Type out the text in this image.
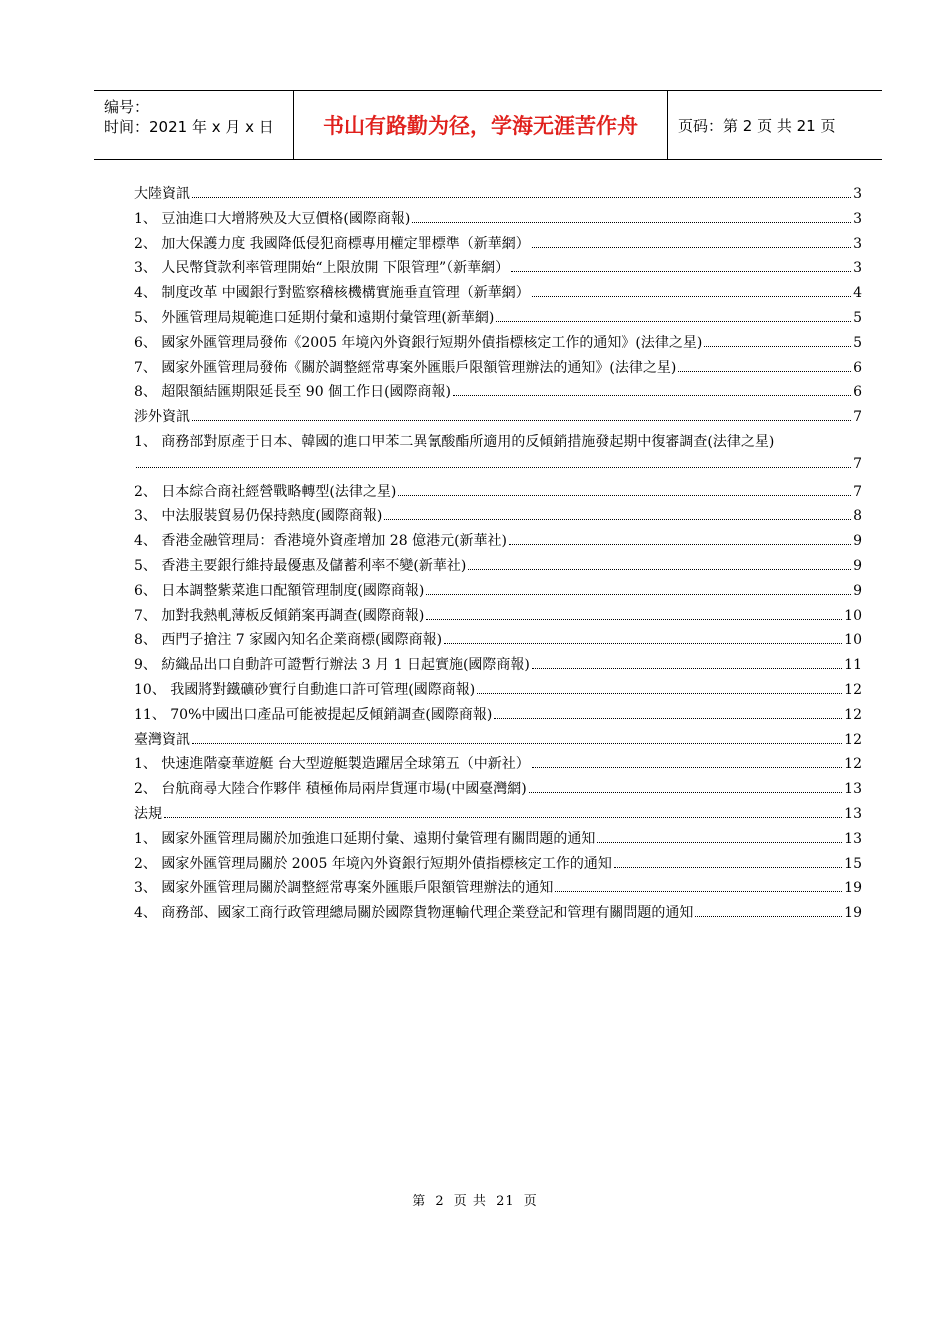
编号：
时间：2021 年 x 月 x 日	书山有路勤为径，学海无涯苦作舟	页码：第 2 页 共 21 页
大陸資訊	3
1、 豆油進口大增將殃及大豆價格(國際商報)	3
2、 加大保護力度 我國降低侵犯商標專用權定罪標準（新華網）	3
3、 人民幣貸款利率管理開始“上限放開 下限管理”（新華網）	3
4、 制度改革 中國銀行對監察稽核機構實施垂直管理（新華網）	4
5、 外匯管理局規範進口延期付彙和遠期付彙管理(新華網)	5
6、 國家外匯管理局發佈《2005 年境內外資銀行短期外債指標核定工作的通知》(法律之星)	5
7、 國家外匯管理局發佈《關於調整經常專案外匯賬戶限額管理辦法的通知》(法律之星)	6
8、 超限額結匯期限延長至 90 個工作日(國際商報)	6
涉外資訊	7
1、 商務部對原產于日本、韓國的進口甲苯二異氰酸酯所適用的反傾銷措施發起期中復審調查(法律之星)
7
2、 日本綜合商社經營戰略轉型(法律之星)	7
3、 中法服裝貿易仍保持熱度(國際商報)	8
4、 香港金融管理局：香港境外資產增加 28 億港元(新華社)	9
5、 香港主要銀行維持最優惠及儲蓄利率不變(新華社)	9
6、 日本調整紫菜進口配額管理制度(國際商報)	9
7、 加對我熱軋薄板反傾銷案再調查(國際商報)	10
8、 西門子搶注 7 家國內知名企業商標(國際商報)	10
9、 紡織品出口自動許可證暫行辦法 3 月 1 日起實施(國際商報)	11
10、 我國將對鐵礦砂實行自動進口許可管理(國際商報)	12
11、 70%中國出口產品可能被提起反傾銷調查(國際商報)	12
臺灣資訊	12
1、 快速進階豪華遊艇 台大型遊艇製造躍居全球第五（中新社）	12
2、 台航商尋大陸合作夥伴 積極佈局兩岸貨運市場(中國臺灣網)	13
法規	13
1、 國家外匯管理局關於加強進口延期付彙、遠期付彙管理有關問題的通知	13
2、 國家外匯管理局關於 2005 年境內外資銀行短期外債指標核定工作的通知	15
3、 國家外匯管理局關於調整經常專案外匯賬戶限額管理辦法的通知	19
4、 商務部、國家工商行政管理總局關於國際貨物運輸代理企業登記和管理有關問題的通知	19
第 2 页 共 21 页
